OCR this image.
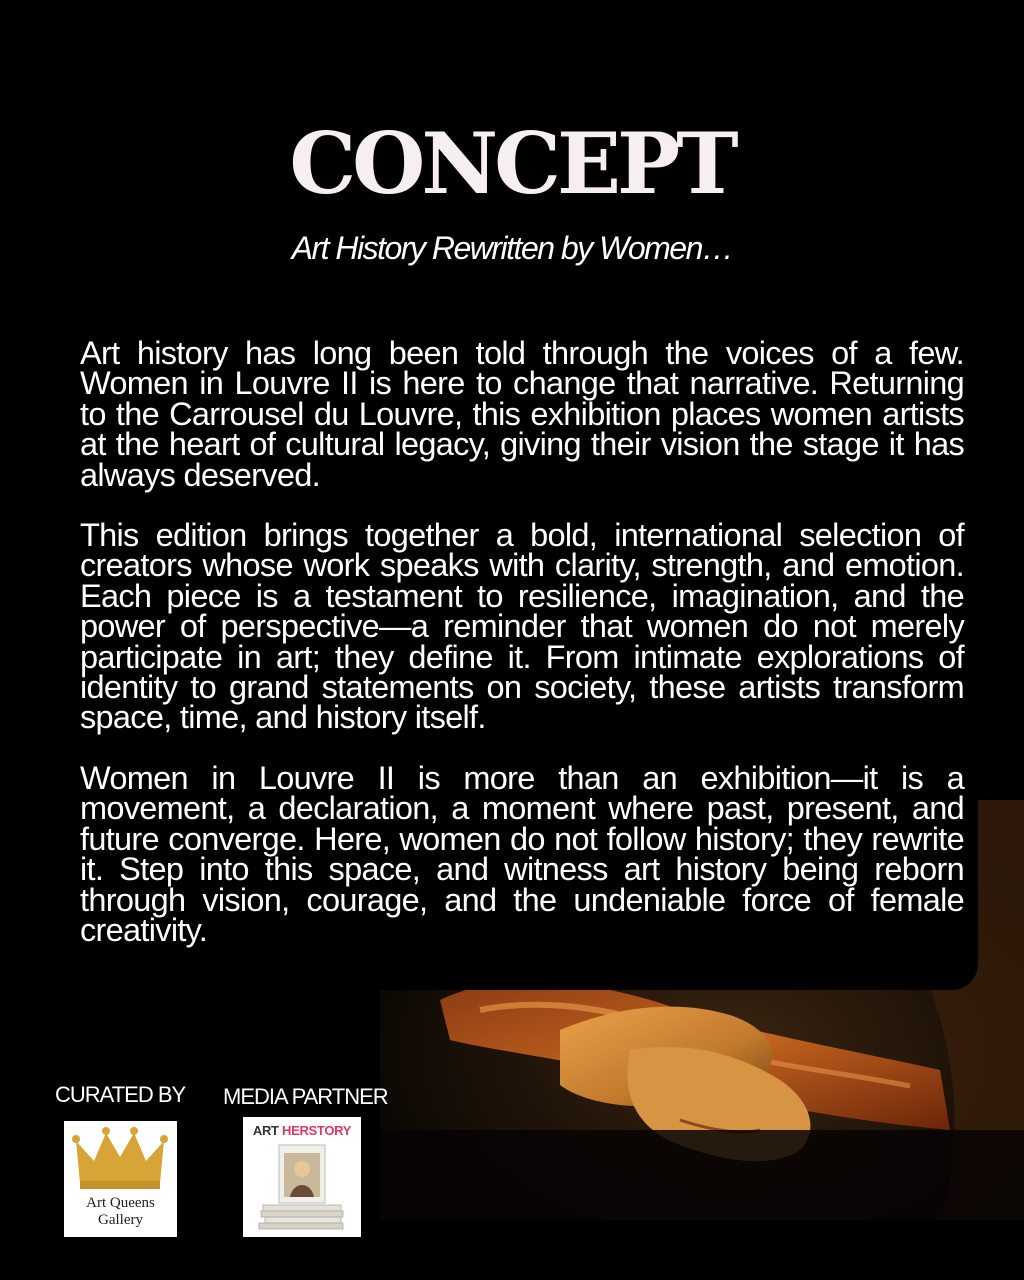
CONCEPT
Art History Rewritten by Women…

Art history has long been told through the voices of a few. Women in Louvre II is here to change that narrative. Returning to the Carrousel du Louvre, this exhibition places women artists at the heart of cultural legacy, giving their vision the stage it has always deserved.

This edition brings together a bold, international selection of creators whose work speaks with clarity, strength, and emotion. Each piece is a testament to resilience, imagination, and the power of perspective—a reminder that women do not merely participate in art; they define it. From intimate explorations of identity to grand statements on society, these artists transform space, time, and history itself.

Women in Louvre II is more than an exhibition—it is a movement, a declaration, a moment where past, present, and future converge. Here, women do not follow history; they rewrite it. Step into this space, and witness art history being reborn through vision, courage, and the undeniable force of female creativity.

CURATED BY MEDIA PARTNER
Art Queens
Gallery
ART HERSTORY
